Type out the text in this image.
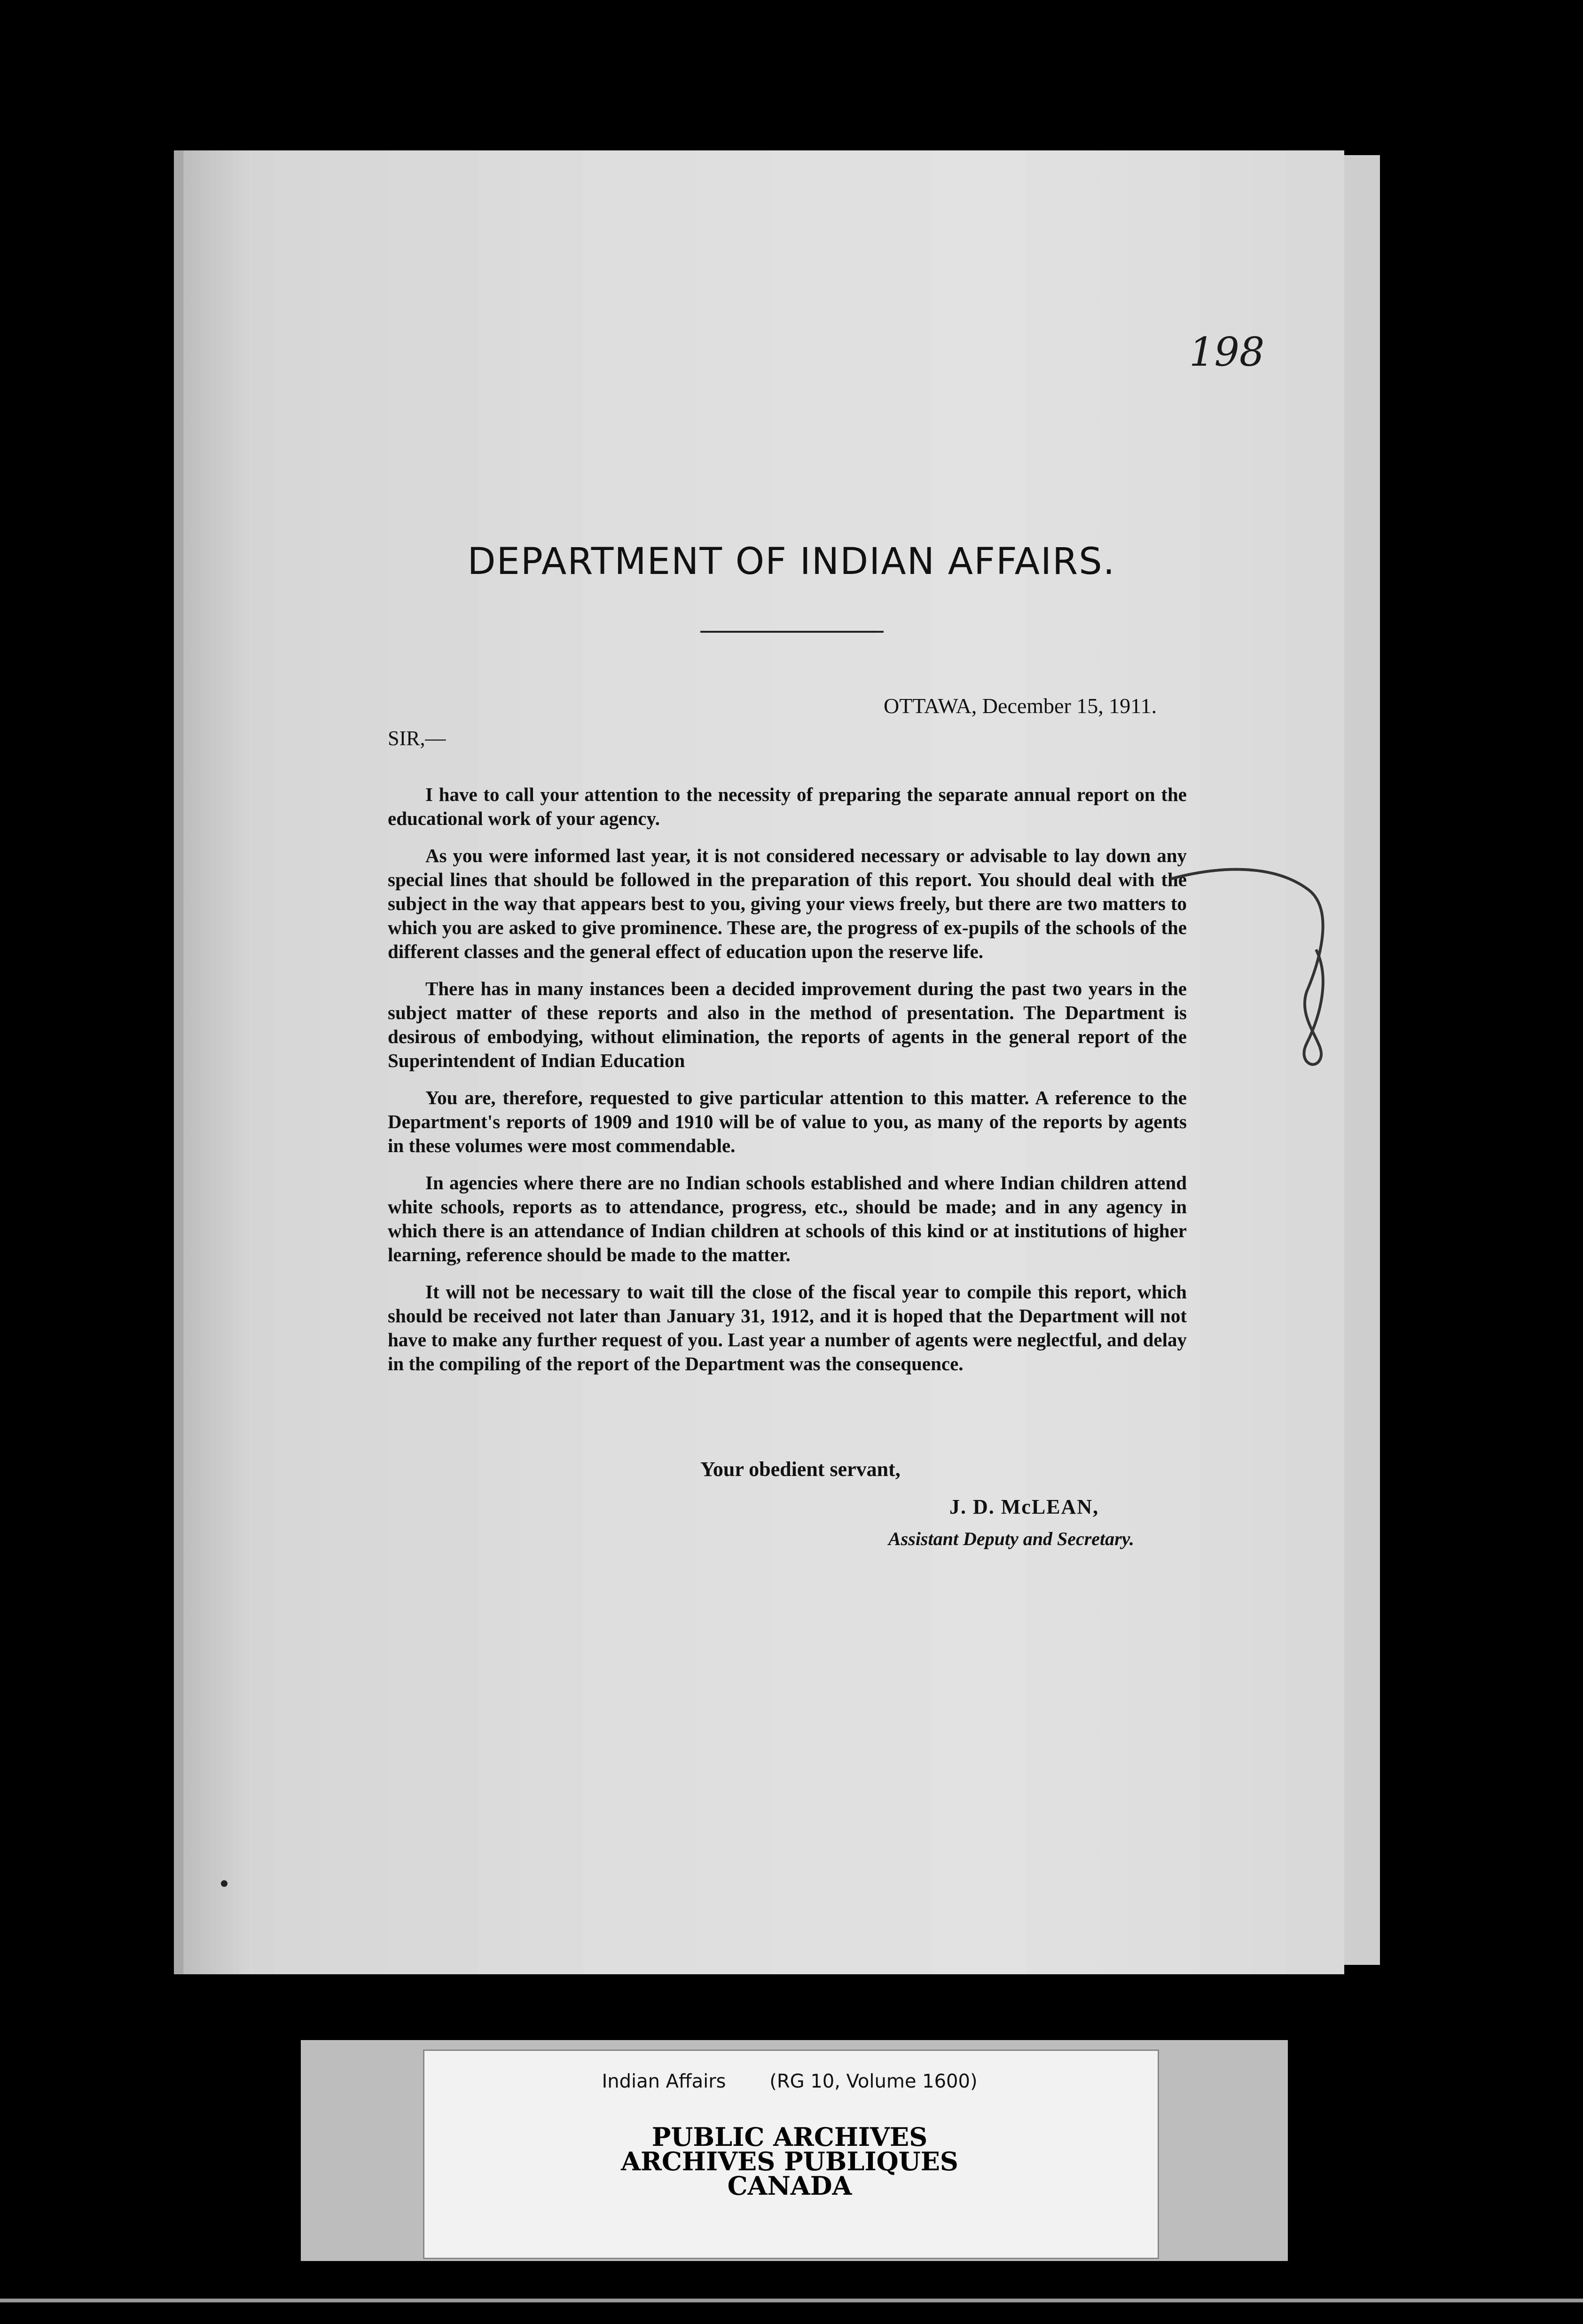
198
DEPARTMENT OF INDIAN AFFAIRS.
OTTAWA, December 15, 1911.
SIR,—

I have to call your attention to the necessity of preparing the separate annual report on the educational work of your agency.

As you were informed last year, it is not considered necessary or advisable to lay down any special lines that should be followed in the preparation of this report. You should deal with the subject in the way that appears best to you, giving your views freely, but there are two matters to which you are asked to give prominence. These are, the progress of ex-pupils of the schools of the different classes and the general effect of education upon the reserve life.

There has in many instances been a decided improvement during the past two years in the subject matter of these reports and also in the method of presentation. The Department is desirous of embodying, without elimination, the reports of agents in the general report of the Superintendent of Indian Education

You are, therefore, requested to give particular attention to this matter. A reference to the Department's reports of 1909 and 1910 will be of value to you, as many of the reports by agents in these volumes were most commendable.

In agencies where there are no Indian schools established and where Indian children attend white schools, reports as to attendance, progress, etc., should be made; and in any agency in which there is an attendance of Indian children at schools of this kind or at institutions of higher learning, reference should be made to the matter.

It will not be necessary to wait till the close of the fiscal year to compile this report, which should be received not later than January 31, 1912, and it is hoped that the Department will not have to make any further request of you. Last year a number of agents were neglectful, and delay in the compiling of the report of the Department was the consequence.

Your obedient servant,
J. D. McLEAN,
Assistant Deputy and Secretary.
Indian Affairs (RG 10, Volume 1600)
PUBLIC ARCHIVES
ARCHIVES PUBLIQUES
CANADA
